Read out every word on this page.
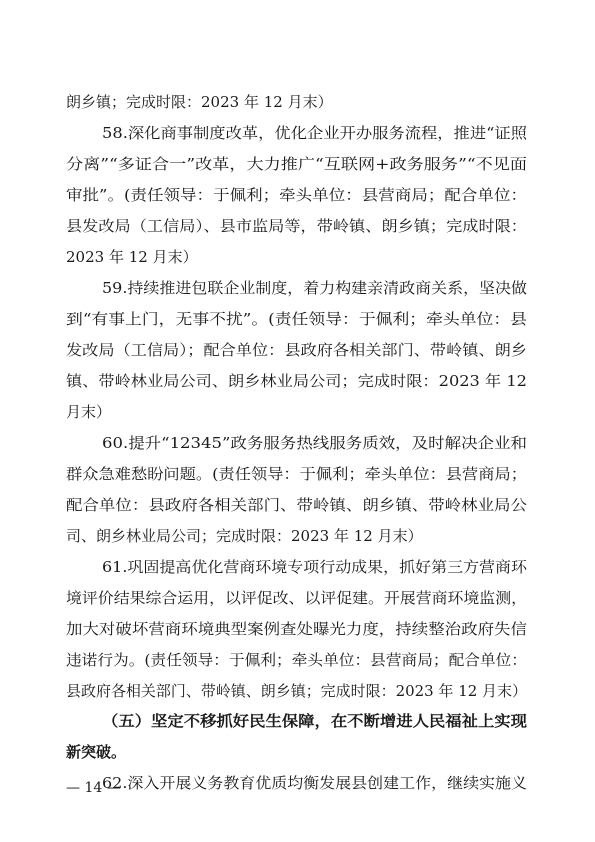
朗乡镇；完成时限：2023 年 12 月末）
58.深化商事制度改革，优化企业开办服务流程，推进“证照
分离”“多证合一”改革，大力推广“互联网+政务服务”“不见面
审批”。(责任领导：于佩利；牵头单位：县营商局；配合单位：
县发改局（工信局）、县市监局等，带岭镇、朗乡镇；完成时限：
2023 年 12 月末）
59.持续推进包联企业制度，着力构建亲清政商关系，坚决做
到“有事上门，无事不扰”。(责任领导：于佩利；牵头单位：县
发改局（工信局）；配合单位：县政府各相关部门、带岭镇、朗乡
镇、带岭林业局公司、朗乡林业局公司；完成时限：2023 年 12
月末）
60.提升“12345”政务服务热线服务质效，及时解决企业和
群众急难愁盼问题。(责任领导：于佩利；牵头单位：县营商局；
配合单位：县政府各相关部门、带岭镇、朗乡镇、带岭林业局公
司、朗乡林业局公司；完成时限：2023 年 12 月末）
61.巩固提高优化营商环境专项行动成果，抓好第三方营商环
境评价结果综合运用，以评促改、以评促建。开展营商环境监测，
加大对破坏营商环境典型案例查处曝光力度，持续整治政府失信
违诺行为。(责任领导：于佩利；牵头单位：县营商局；配合单位：
县政府各相关部门、带岭镇、朗乡镇；完成时限：2023 年 12 月末）
（五）坚定不移抓好民生保障，在不断增进人民福祉上实现
新突破。
62.深入开展义务教育优质均衡发展县创建工作，继续实施义
— 14 —
